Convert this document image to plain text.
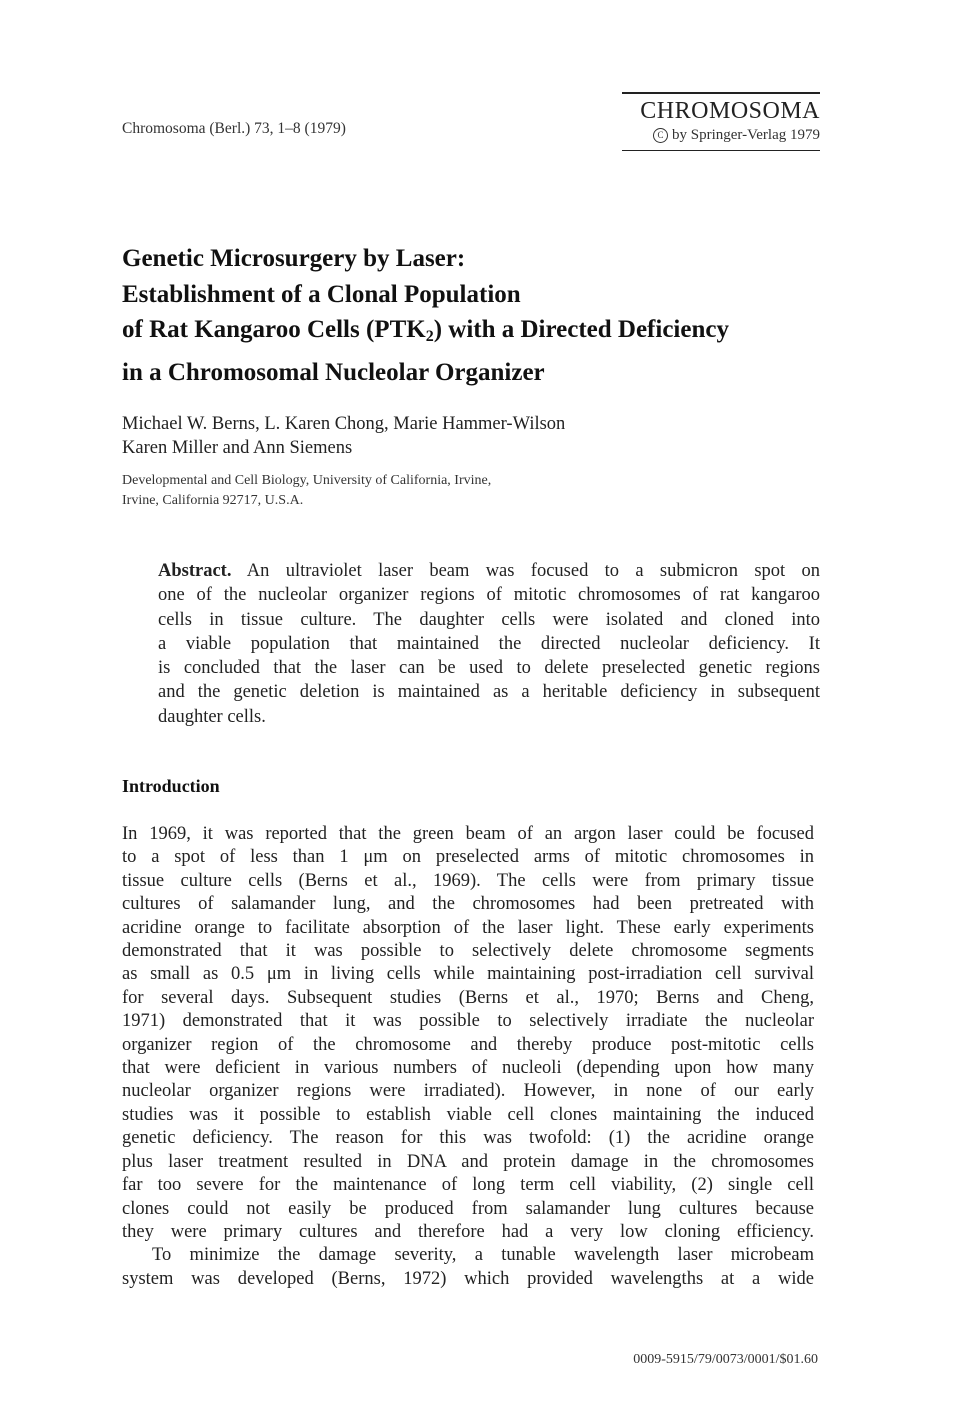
Chromosoma (Berl.) 73, 1–8 (1979)
CHROMOSOMA
C by Springer-Verlag 1979
Genetic Microsurgery by Laser:
Establishment of a Clonal Population
of Rat Kangaroo Cells $(PTK_2)$ with a Directed Deficiency
in a Chromosomal Nucleolar Organizer
Michael W. Berns, L. Karen Chong, Marie Hammer-Wilson
Karen Miller and Ann Siemens
Developmental and Cell Biology, University of California, Irvine,
Irvine, California 92717, U.S.A.
Abstract. An ultraviolet laser beam was focused to a submicron spot on
one of the nucleolar organizer regions of mitotic chromosomes of rat kangaroo
cells in tissue culture. The daughter cells were isolated and cloned into
a viable population that maintained the directed nucleolar deficiency. It
is concluded that the laser can be used to delete preselected genetic regions
and the genetic deletion is maintained as a heritable deficiency in subsequent
daughter cells.
Introduction
In 1969, it was reported that the green beam of an argon laser could be focused
to a spot of less than 1 μm on preselected arms of mitotic chromosomes in
tissue culture cells (Berns et al., 1969). The cells were from primary tissue
cultures of salamander lung, and the chromosomes had been pretreated with
acridine orange to facilitate absorption of the laser light. These early experiments
demonstrated that it was possible to selectively delete chromosome segments
as small as 0.5 μm in living cells while maintaining post-irradiation cell survival
for several days. Subsequent studies (Berns et al., 1970; Berns and Cheng,
1971) demonstrated that it was possible to selectively irradiate the nucleolar
organizer region of the chromosome and thereby produce post-mitotic cells
that were deficient in various numbers of nucleoli (depending upon how many
nucleolar organizer regions were irradiated). However, in none of our early
studies was it possible to establish viable cell clones maintaining the induced
genetic deficiency. The reason for this was twofold: (1) the acridine orange
plus laser treatment resulted in DNA and protein damage in the chromosomes
far too severe for the maintenance of long term cell viability, (2) single cell
clones could not easily be produced from salamander lung cultures because
they were primary cultures and therefore had a very low cloning efficiency.
To minimize the damage severity, a tunable wavelength laser microbeam
system was developed (Berns, 1972) which provided wavelengths at a wide
0009-5915/79/0073/0001/$01.60
